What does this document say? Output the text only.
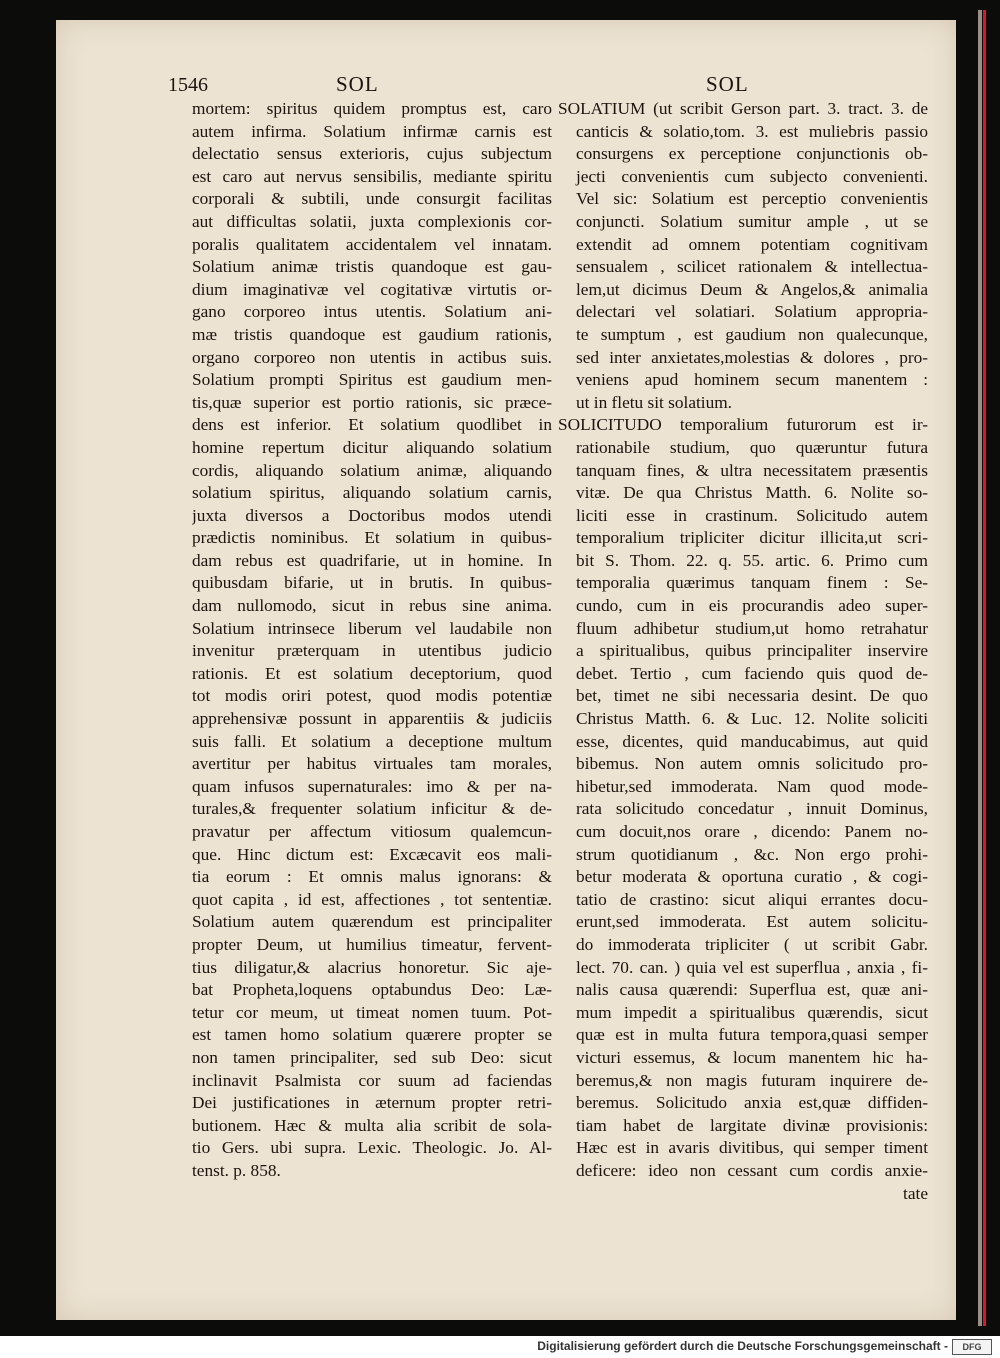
1546	SOL	SOL
mortem: spiritus quidem promptus est, caro
autem infirma. Solatium infirmæ carnis est
delectatio sensus exterioris, cujus subjectum
est caro aut nervus sensibilis, mediante spiritu
corporali & subtili, unde consurgit facilitas
aut difficultas solatii, juxta complexionis cor-
poralis qualitatem accidentalem vel innatam.
Solatium animæ tristis quandoque est gau-
dium imaginativæ vel cogitativæ virtutis or-
gano corporeo intus utentis. Solatium ani-
mæ tristis quandoque est gaudium rationis,
organo corporeo non utentis in actibus suis.
Solatium prompti Spiritus est gaudium men-
tis,quæ superior est portio rationis, sic præce-
dens est inferior. Et solatium quodlibet in
homine repertum dicitur aliquando solatium
cordis, aliquando solatium animæ, aliquando
solatium spiritus, aliquando solatium carnis,
juxta diversos a Doctoribus modos utendi
prædictis nominibus. Et solatium in quibus-
dam rebus est quadrifarie, ut in homine. In
quibusdam bifarie, ut in brutis. In quibus-
dam nullomodo, sicut in rebus sine anima.
Solatium intrinsece liberum vel laudabile non
invenitur præterquam in utentibus judicio
rationis. Et est solatium deceptorium, quod
tot modis oriri potest, quod modis potentiæ
apprehensivæ possunt in apparentiis & judiciis
suis falli. Et solatium a deceptione multum
avertitur per habitus virtuales tam morales,
quam infusos supernaturales: imo & per na-
turales,& frequenter solatium inficitur & de-
pravatur per affectum vitiosum qualemcun-
que. Hinc dictum est: Excæcavit eos mali-
tia eorum : Et omnis malus ignorans: &
quot capita , id est, affectiones , tot sententiæ.
Solatium autem quærendum est principaliter
propter Deum, ut humilius timeatur, fervent-
tius diligatur,& alacrius honoretur. Sic aje-
bat Propheta,loquens optabundus Deo: Læ-
tetur cor meum, ut timeat nomen tuum. Pot-
est tamen homo solatium quærere propter se
non tamen principaliter, sed sub Deo: sicut
inclinavit Psalmista cor suum ad faciendas
Dei justificationes in æternum propter retri-
butionem. Hæc & multa alia scribit de sola-
tio Gers. ubi supra. Lexic. Theologic. Jo. Al-
tenst. p. 858.
SOLATIUM (ut scribit Gerson part. 3. tract. 3. de
canticis & solatio,tom. 3. est muliebris passio
consurgens ex perceptione conjunctionis ob-
jecti convenientis cum subjecto convenienti.
Vel sic: Solatium est perceptio convenientis
conjuncti. Solatium sumitur ample , ut se
extendit ad omnem potentiam cognitivam
sensualem , scilicet rationalem & intellectua-
lem,ut dicimus Deum & Angelos,& animalia
delectari vel solatiari. Solatium appropria-
te sumptum , est gaudium non qualecunque,
sed inter anxietates,molestias & dolores , pro-
veniens apud hominem secum manentem :
ut in fletu sit solatium.
SOLICITUDO temporalium futurorum est ir-
rationabile studium, quo quæruntur futura
tanquam fines, & ultra necessitatem præsentis
vitæ. De qua Christus Matth. 6. Nolite so-
liciti esse in crastinum. Solicitudo autem
temporalium tripliciter dicitur illicita,ut scri-
bit S. Thom. 22. q. 55. artic. 6. Primo cum
temporalia quærimus tanquam finem : Se-
cundo, cum in eis procurandis adeo super-
fluum adhibetur studium,ut homo retrahatur
a spiritualibus, quibus principaliter inservire
debet. Tertio , cum faciendo quis quod de-
bet, timet ne sibi necessaria desint. De quo
Christus Matth. 6. & Luc. 12. Nolite soliciti
esse, dicentes, quid manducabimus, aut quid
bibemus. Non autem omnis solicitudo pro-
hibetur,sed immoderata. Nam quod mode-
rata solicitudo concedatur , innuit Dominus,
cum docuit,nos orare , dicendo: Panem no-
strum quotidianum , &c. Non ergo prohi-
betur moderata & oportuna curatio , & cogi-
tatio de crastino: sicut aliqui errantes docu-
erunt,sed immoderata. Est autem solicitu-
do immoderata tripliciter ( ut scribit Gabr.
lect. 70. can. ) quia vel est superflua , anxia , fi-
nalis causa quærendi: Superflua est, quæ ani-
mum impedit a spiritualibus quærendis, sicut
quæ est in multa futura tempora,quasi semper
victuri essemus, & locum manentem hic ha-
beremus,& non magis futuram inquirere de-
beremus. Solicitudo anxia est,quæ diffiden-
tiam habet de largitate divinæ provisionis:
Hæc est in avaris divitibus, qui semper timent
deficere: ideo non cessant cum cordis anxie-
tate
Digitalisierung gefördert durch die Deutsche Forschungsgemeinschaft -	DFG
